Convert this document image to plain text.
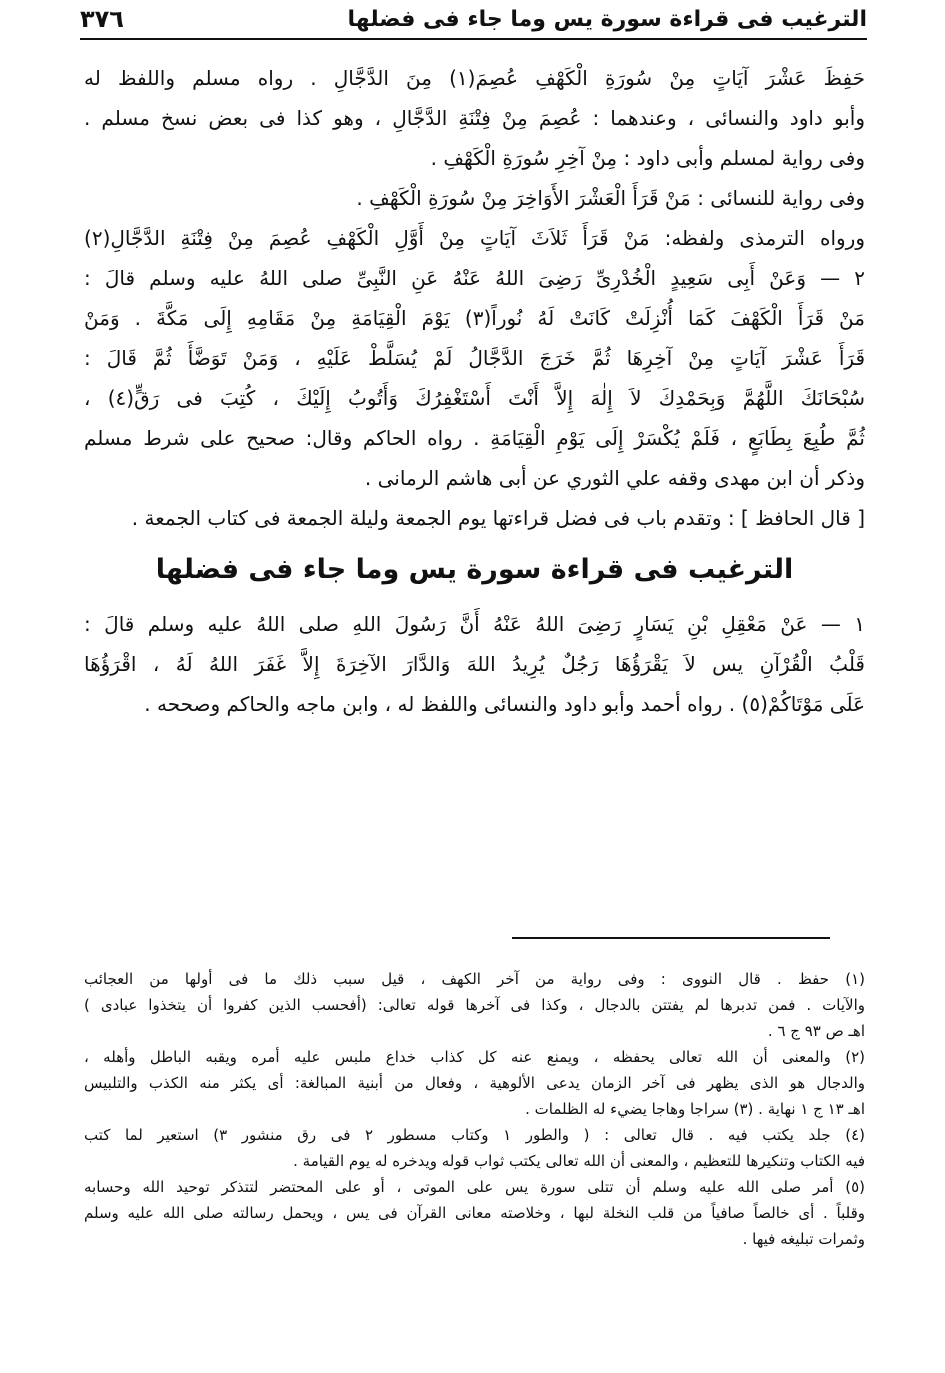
الترغيب فى قراءة سورة يس وما جاء فى فضلها
٣٧٦
حَفِظَ عَشْرَ آيَاتٍ مِنْ سُورَةِ الْكَهْفِ عُصِمَ(١) مِنَ الدَّجَّالِ . رواه مسلم واللفظ له
وأبو داود والنسائى ، وعندهما : عُصِمَ مِنْ فِتْنَةِ الدَّجَّالِ ، وهو كذا فى بعض نسخ مسلم .
وفى رواية لمسلم وأبى داود : مِنْ آخِرِ سُورَةِ الْكَهْفِ .
وفى رواية للنسائى : مَنْ قَرَأَ الْعَشْرَ الأَوَاخِرَ مِنْ سُورَةِ الْكَهْفِ .
ورواه الترمذى ولفظه: مَنْ قَرَأَ ثَلاَثَ آيَاتٍ مِنْ أَوَّلِ الْكَهْفِ عُصِمَ مِنْ فِتْنَةِ الدَّجَّالِ(٢)
٢ — وَعَنْ أَبِى سَعِيدٍ الْخُدْرِىِّ رَضِىَ اللهُ عَنْهُ عَنِ النَّبِىِّ صلى اللهُ عليه وسلم قالَ :
مَنْ قَرَأَ الْكَهْفَ كَمَا أُنْزِلَتْ كَانَتْ لَهُ نُوراً(٣) يَوْمَ الْقِيَامَةِ مِنْ مَقَامِهِ إِلَى مَكَّةَ . وَمَنْ
قَرَأَ عَشْرَ آيَاتٍ مِنْ آخِرِهَا ثُمَّ خَرَجَ الدَّجَّالُ لَمْ يُسَلَّطْ عَلَيْهِ ، وَمَنْ تَوَضَّأَ ثُمَّ قَالَ :
سُبْحَانَكَ اللَّهُمَّ وَبِحَمْدِكَ لاَ إِلٰهَ إِلاَّ أَنْتَ أَسْتَغْفِرُكَ وَأَتُوبُ إِلَيْكَ ، كُتِبَ فى رَقٍّ(٤) ،
ثُمَّ طُبِعَ بِطَابَعٍ ، فَلَمْ يُكْسَرْ إِلَى يَوْمِ الْقِيَامَةِ . رواه الحاكم وقال: صحيح على شرط مسلم
وذكر أن ابن مهدى وقفه علي الثوري عن أبى هاشم الرمانى .
[ قال الحافظ ] : وتقدم باب فى فضل قراءتها يوم الجمعة وليلة الجمعة فى كتاب الجمعة .
الترغيب فى قراءة سورة يس وما جاء فى فضلها
١ — عَنْ مَعْقِلِ بْنِ يَسَارٍ رَضِىَ اللهُ عَنْهُ أَنَّ رَسُولَ اللهِ صلى اللهُ عليه وسلم قالَ :
قَلْبُ الْقُرْآنِ يس لاَ يَقْرَؤُهَا رَجُلٌ يُرِيدُ اللهَ وَالدَّارَ الآخِرَةَ إِلاَّ غَفَرَ اللهُ لَهُ ، اقْرَؤُهَا
عَلَى مَوْتَاكُمْ(٥) . رواه أحمد وأبو داود والنسائى واللفظ له ، وابن ماجه والحاكم وصححه .
(١) حفظ . قال النووى : وفى رواية من آخر الكهف ، قيل سبب ذلك ما فى أولها من العجائب
والآيات . فمن تدبرها لم يفتتن بالدجال ، وكذا فى آخرها قوله تعالى: (أفحسب الذين كفروا أن يتخذوا عبادى )
اهـ ص ٩٣ ج ٦ .
(٢) والمعنى أن الله تعالى يحفظه ، ويمنع عنه كل كذاب خداع ملبس عليه أمره ويقبه الباطل وأهله ،
والدجال هو الذى يظهر فى آخر الزمان يدعى الألوهية ، وفعال من أبنية المبالغة: أى يكثر منه الكذب والتلبيس
اهـ ١٣ ج ١ نهاية . (٣) سراجا وهاجا يضيء له الظلمات .
(٤) جلد يكتب فيه . قال تعالى : ( والطور ١ وكتاب مسطور ٢ فى رق منشور ٣) استعير لما كتب
فيه الكتاب وتنكيرها للتعظيم ، والمعنى أن الله تعالى يكتب ثواب قوله ويدخره له يوم القيامة .
(٥) أمر صلى الله عليه وسلم أن تتلى سورة يس على الموتى ، أو على المحتضر لتتذكر توحيد الله وحسابه
وقلباً . أى خالصاً صافياً من قلب النخلة لبها ، وخلاصته معانى القرآن فى يس ، ويحمل رسالته صلى الله عليه وسلم
وثمرات تبليغه فيها .
